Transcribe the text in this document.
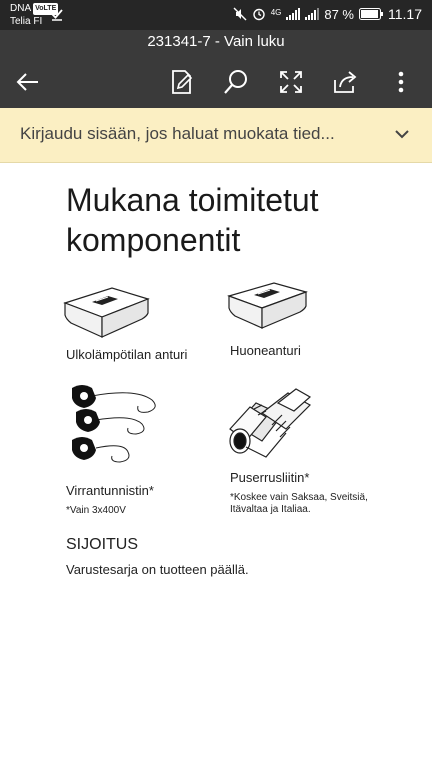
DNA VoLTE
Telia FI
4G	87 % 11.17
231341-7 - Vain luku
Kirjaudu sisään, jos haluat muokata tied...
Mukana toimitetut
komponentit
Ulkolämpötilan anturi	Huoneanturi
Virrantunnistin*
*Vain 3x400V
Puserrusliitin*
*Koskee vain Saksaa, Sveitsiä,
Itävaltaa ja Italiaa.
SIJOITUS
Varustesarja on tuotteen päällä.
